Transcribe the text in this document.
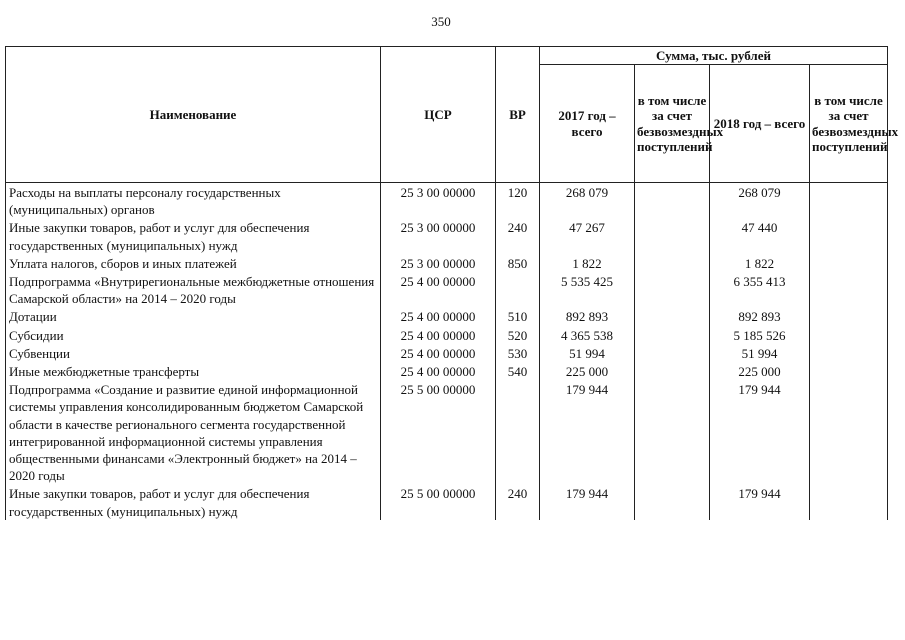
350
Наименование	ЦСР	ВР	Сумма, тыс. рублей			
			2017 год – всего	в том числе за счет безвозмездных поступлений	2018 год – всего	в том числе за счет безвозмездных поступлений
Расходы на выплаты персоналу государственных (муниципальных) органов	25 3 00 00000	120	268 079		268 079	
Иные закупки товаров, работ и услуг для обеспечения государственных (муниципальных) нужд	25 3 00 00000	240	47 267		47 440	
Уплата налогов, сборов и иных платежей	25 3 00 00000	850	1 822		1 822	
Подпрограмма «Внутрирегиональные межбюджетные отношения Самарской области» на 2014 – 2020 годы	25 4 00 00000		5 535 425		6 355 413	
Дотации	25 4 00 00000	510	892 893		892 893	
Субсидии	25 4 00 00000	520	4 365 538		5 185 526	
Субвенции	25 4 00 00000	530	51 994		51 994	
Иные межбюджетные трансферты	25 4 00 00000	540	225 000		225 000	
Подпрограмма «Создание и развитие единой информационной системы управления консолидированным бюджетом Самарской области в качестве регионального сегмента государственной интегрированной информационной системы управления общественными финансами «Электронный бюджет» на 2014 – 2020 годы	25 5 00 00000		179 944		179 944	
Иные закупки товаров, работ и услуг для обеспечения государственных (муниципальных) нужд	25 5 00 00000	240	179 944		179 944	
